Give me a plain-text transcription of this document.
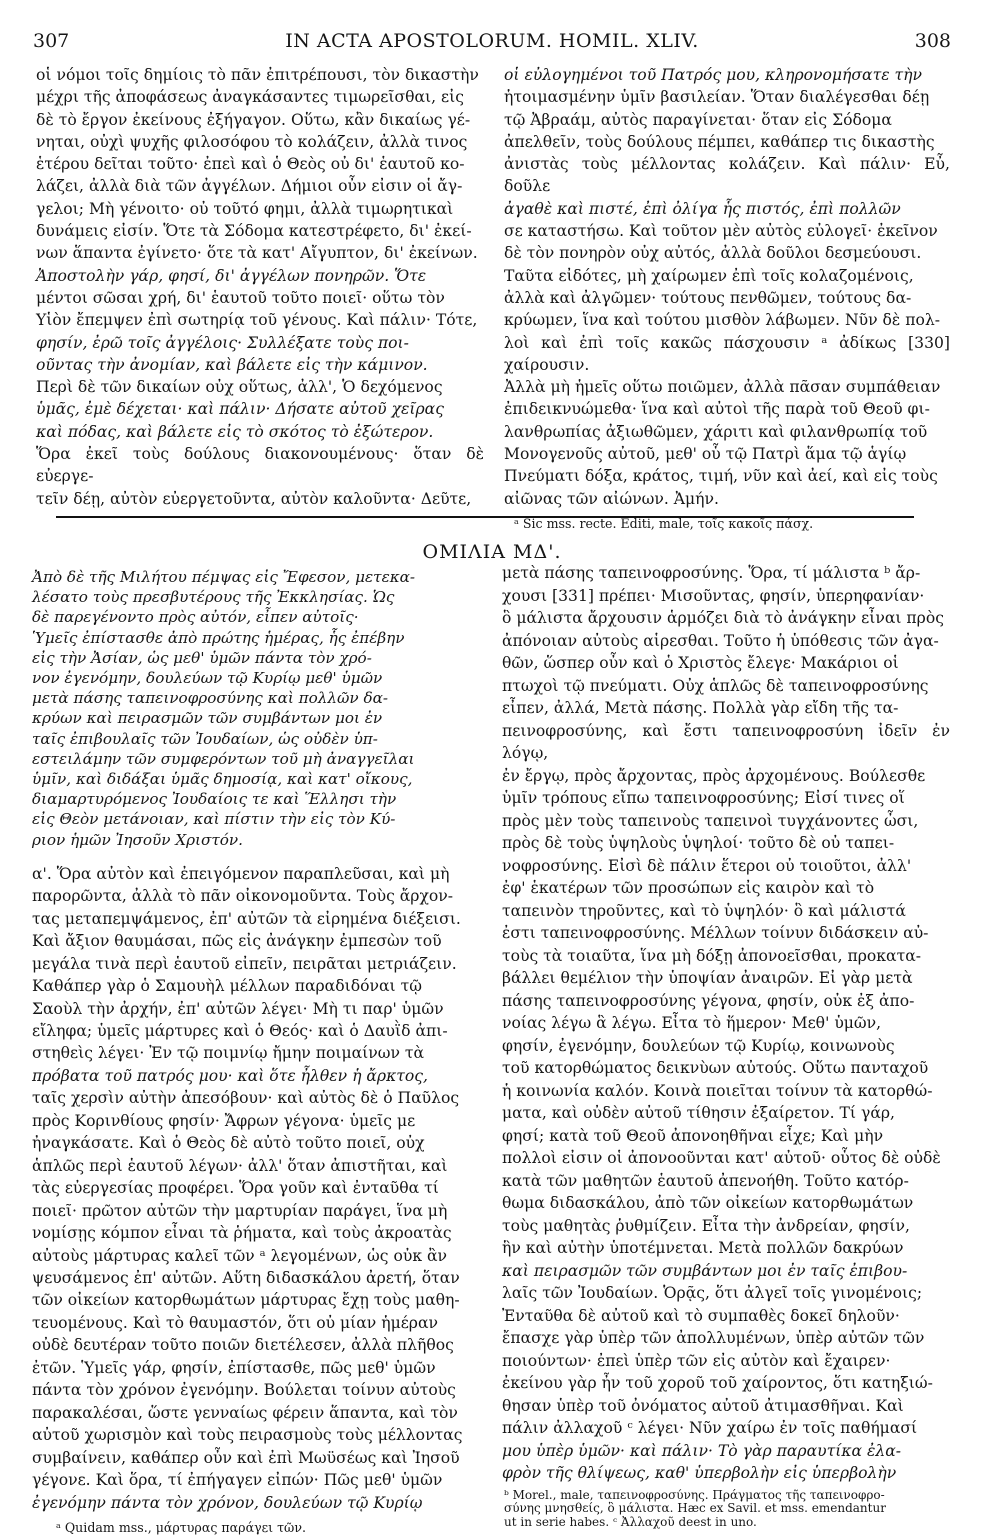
307	IN ACTA APOSTOLORUM. HOMIL. XLIV.	308

οἱ νόμοι τοῖς δημίοις τὸ πᾶν ἐπιτρέπουσι, τὸν δικαστὴν
μέχρι τῆς ἀποφάσεως ἀναγκάσαντες τιμωρεῖσθαι, εἰς
δὲ τὸ ἔργον ἐκείνους ἐξήγαγον. Οὕτω, κἂν δικαίως γέ-
νηται, οὐχὶ ψυχῆς φιλοσόφου τὸ κολάζειν, ἀλλὰ τινος
ἑτέρου δεῖται τοῦτο· ἐπεὶ καὶ ὁ Θεὸς οὐ δι' ἑαυτοῦ κο-
λάζει, ἀλλὰ διὰ τῶν ἀγγέλων. Δήμιοι οὖν εἰσιν οἱ ἄγ-
γελοι; Μὴ γένοιτο· οὐ τοῦτό φημι, ἀλλὰ τιμωρητικαὶ
δυνάμεις εἰσίν. Ὅτε τὰ Σόδομα κατεστρέφετο, δι' ἐκεί-
νων ἅπαντα ἐγίνετο· ὅτε τὰ κατ' Αἴγυπτον, δι' ἐκείνων.
Ἀποστολὴν γάρ, φησί, δι' ἀγγέλων πονηρῶν. Ὅτε
μέντοι σῶσαι χρή, δι' ἑαυτοῦ τοῦτο ποιεῖ· οὕτω τὸν
Υἱὸν ἔπεμψεν ἐπὶ σωτηρίᾳ τοῦ γένους. Καὶ πάλιν· Τότε,
φησίν, ἐρῶ τοῖς ἀγγέλοις· Συλλέξατε τοὺς ποι-
οῦντας τὴν ἀνομίαν, καὶ βάλετε εἰς τὴν κάμινον.
Περὶ δὲ τῶν δικαίων οὐχ οὕτως, ἀλλ', Ὁ δεχόμενος
ὑμᾶς, ἐμὲ δέχεται· καὶ πάλιν· Δήσατε αὐτοῦ χεῖρας
καὶ πόδας, καὶ βάλετε εἰς τὸ σκότος τὸ ἐξώτερον.
Ὅρα ἐκεῖ τοὺς δούλους διακονουμένους· ὅταν δὲ εὐεργε-
τεῖν δέῃ, αὐτὸν εὐεργετοῦντα, αὐτὸν καλοῦντα· Δεῦτε,

οἱ εὐλογημένοι τοῦ Πατρός μου, κληρονομήσατε τὴν
ἡτοιμασμένην ὑμῖν βασιλείαν. Ὅταν διαλέγεσθαι δέῃ
τῷ Ἀβραάμ, αὐτὸς παραγίνεται· ὅταν εἰς Σόδομα
ἀπελθεῖν, τοὺς δούλους πέμπει, καθάπερ τις δικαστὴς
ἀνιστὰς τοὺς μέλλοντας κολάζειν. Καὶ πάλιν· Εὖ, δοῦλε
ἀγαθὲ καὶ πιστέ, ἐπὶ ὀλίγα ἧς πιστός, ἐπὶ πολλῶν
σε καταστήσω. Καὶ τοῦτον μὲν αὐτὸς εὐλογεῖ· ἐκεῖνον
δὲ τὸν πονηρὸν οὐχ αὐτός, ἀλλὰ δοῦλοι δεσμεύουσι.
Ταῦτα εἰδότες, μὴ χαίρωμεν ἐπὶ τοῖς κολαζομένοις,
ἀλλὰ καὶ ἀλγῶμεν· τούτους πενθῶμεν, τούτους δα-
κρύωμεν, ἵνα καὶ τούτου μισθὸν λάβωμεν. Νῦν δὲ πολ-
λοὶ καὶ ἐπὶ τοῖς κακῶς πάσχουσιν ᵃ ἀδίκως [330] χαίρουσιν.
Ἀλλὰ μὴ ἡμεῖς οὕτω ποιῶμεν, ἀλλὰ πᾶσαν συμπάθειαν
ἐπιδεικνυώμεθα· ἵνα καὶ αὐτοὶ τῆς παρὰ τοῦ Θεοῦ φι-
λανθρωπίας ἀξιωθῶμεν, χάριτι καὶ φιλανθρωπίᾳ τοῦ
Μονογενοῦς αὐτοῦ, μεθ' οὗ τῷ Πατρὶ ἅμα τῷ ἁγίῳ
Πνεύματι δόξα, κράτος, τιμή, νῦν καὶ ἀεί, καὶ εἰς τοὺς
αἰῶνας τῶν αἰώνων. Ἀμήν.

ᵃ Sic mss. recte. Editi, male, τοῖς κακοῖς πάσχ.
ΟΜΙΛΙΑ ΜΔ'.

Ἀπὸ δὲ τῆς Μιλήτου πέμψας εἰς Ἔφεσον, μετεκα-
λέσατο τοὺς πρεσβυτέρους τῆς Ἐκκλησίας. Ὡς
δὲ παρεγένοντο πρὸς αὐτόν, εἶπεν αὐτοῖς·
Ὑμεῖς ἐπίστασθε ἀπὸ πρώτης ἡμέρας, ἧς ἐπέβην
εἰς τὴν Ἀσίαν, ὡς μεθ' ὑμῶν πάντα τὸν χρό-
νον ἐγενόμην, δουλεύων τῷ Κυρίῳ μεθ' ὑμῶν
μετὰ πάσης ταπεινοφροσύνης καὶ πολλῶν δα-
κρύων καὶ πειρασμῶν τῶν συμβάντων μοι ἐν
ταῖς ἐπιβουλαῖς τῶν Ἰουδαίων, ὡς οὐδὲν ὑπ-
εστειλάμην τῶν συμφερόντων τοῦ μὴ ἀναγγεῖλαι
ὑμῖν, καὶ διδάξαι ὑμᾶς δημοσίᾳ, καὶ κατ' οἴκους,
διαμαρτυρόμενος Ἰουδαίοις τε καὶ Ἕλλησι τὴν
εἰς Θεὸν μετάνοιαν, καὶ πίστιν τὴν εἰς τὸν Κύ-
ριον ἡμῶν Ἰησοῦν Χριστόν.

α'. Ὅρα αὐτὸν καὶ ἐπειγόμενον παραπλεῦσαι, καὶ μὴ
παρορῶντα, ἀλλὰ τὸ πᾶν οἰκονομοῦντα. Τοὺς ἄρχον-
τας μεταπεμψάμενος, ἐπ' αὐτῶν τὰ εἰρημένα διέξεισι.
Καὶ ἄξιον θαυμάσαι, πῶς εἰς ἀνάγκην ἐμπεσὼν τοῦ
μεγάλα τινὰ περὶ ἑαυτοῦ εἰπεῖν, πειρᾶται μετριάζειν.
Καθάπερ γὰρ ὁ Σαμουὴλ μέλλων παραδιδόναι τῷ
Σαοὺλ τὴν ἀρχήν, ἐπ' αὐτῶν λέγει· Μὴ τι παρ' ὑμῶν
εἴληφα; ὑμεῖς μάρτυρες καὶ ὁ Θεός· καὶ ὁ Δαυῒδ ἀπι-
στηθεὶς λέγει· Ἐν τῷ ποιμνίῳ ἤμην ποιμαίνων τὰ
πρόβατα τοῦ πατρός μου· καὶ ὅτε ἦλθεν ἡ ἄρκτος,
ταῖς χερσὶν αὐτὴν ἀπεσόβουν· καὶ αὐτὸς δὲ ὁ Παῦλος
πρὸς Κορινθίους φησίν· Ἄφρων γέγονα· ὑμεῖς με
ἠναγκάσατε. Καὶ ὁ Θεὸς δὲ αὐτὸ τοῦτο ποιεῖ, οὐχ
ἁπλῶς περὶ ἑαυτοῦ λέγων· ἀλλ' ὅταν ἀπιστῆται, καὶ
τὰς εὐεργεσίας προφέρει. Ὅρα γοῦν καὶ ἐνταῦθα τί
ποιεῖ· πρῶτον αὐτῶν τὴν μαρτυρίαν παράγει, ἵνα μὴ
νομίσῃς κόμπον εἶναι τὰ ῥήματα, καὶ τοὺς ἀκροατὰς
αὐτοὺς μάρτυρας καλεῖ τῶν ᵃ λεγομένων, ὡς οὐκ ἂν
ψευσάμενος ἐπ' αὐτῶν. Αὕτη διδασκάλου ἀρετή, ὅταν
τῶν οἰκείων κατορθωμάτων μάρτυρας ἔχῃ τοὺς μαθη-
τευομένους. Καὶ τὸ θαυμαστόν, ὅτι οὐ μίαν ἡμέραν
οὐδὲ δευτέραν τοῦτο ποιῶν διετέλεσεν, ἀλλὰ πλῆθος
ἐτῶν. Ὑμεῖς γάρ, φησίν, ἐπίστασθε, πῶς μεθ' ὑμῶν
πάντα τὸν χρόνον ἐγενόμην. Βούλεται τοίνυν αὐτοὺς
παρακαλέσαι, ὥστε γενναίως φέρειν ἅπαντα, καὶ τὸν
αὐτοῦ χωρισμὸν καὶ τοὺς πειρασμοὺς τοὺς μέλλοντας
συμβαίνειν, καθάπερ οὖν καὶ ἐπὶ Μωϋσέως καὶ Ἰησοῦ
γέγονε. Καὶ ὅρα, τί ἐπήγαγεν εἰπών· Πῶς μεθ' ὑμῶν
ἐγενόμην πάντα τὸν χρόνον, δουλεύων τῷ Κυρίῳ

ᵃ Quidam mss., μάρτυρας παράγει τῶν.

μετὰ πάσης ταπεινοφροσύνης. Ὅρα, τί μάλιστα ᵇ ἄρ-
χουσι [331] πρέπει· Μισοῦντας, φησίν, ὑπερηφανίαν·
ὃ μάλιστα ἄρχουσιν ἁρμόζει διὰ τὸ ἀνάγκην εἶναι πρὸς
ἀπόνοιαν αὐτοὺς αἱρεσθαι. Τοῦτο ἡ ὑπόθεσις τῶν ἀγα-
θῶν, ὥσπερ οὖν καὶ ὁ Χριστὸς ἔλεγε· Μακάριοι οἱ
πτωχοὶ τῷ πνεύματι. Οὐχ ἁπλῶς δὲ ταπεινοφροσύνης
εἶπεν, ἀλλά, Μετὰ πάσης. Πολλὰ γὰρ εἴδη τῆς τα-
πεινοφροσύνης, καὶ ἔστι ταπεινοφροσύνη ἰδεῖν ἐν λόγῳ,
ἐν ἔργῳ, πρὸς ἄρχοντας, πρὸς ἀρχομένους. Βούλεσθε
ὑμῖν τρόπους εἴπω ταπεινοφροσύνης; Εἰσί τινες οἵ
πρὸς μὲν τοὺς ταπεινοὺς ταπεινοὶ τυγχάνοντες ὦσι,
πρὸς δὲ τοὺς ὑψηλοὺς ὑψηλοί· τοῦτο δὲ οὐ ταπει-
νοφροσύνης. Εἰσὶ δὲ πάλιν ἕτεροι οὐ τοιοῦτοι, ἀλλ'
ἐφ' ἑκατέρων τῶν προσώπων εἰς καιρὸν καὶ τὸ
ταπεινὸν τηροῦντες, καὶ τὸ ὑψηλόν· ὃ καὶ μάλιστά
ἐστι ταπεινοφροσύνης. Μέλλων τοίνυν διδάσκειν αὐ-
τοὺς τὰ τοιαῦτα, ἵνα μὴ δόξῃ ἀπονοεῖσθαι, προκατα-
βάλλει θεμέλιον τὴν ὑποψίαν ἀναιρῶν. Εἰ γὰρ μετὰ
πάσης ταπεινοφροσύνης γέγονα, φησίν, οὐκ ἐξ ἀπο-
νοίας λέγω ἃ λέγω. Εἶτα τὸ ἥμερον· Μεθ' ὑμῶν,
φησίν, ἐγενόμην, δουλεύων τῷ Κυρίῳ, κοινωνοὺς
τοῦ κατορθώματος δεικνὺων αὐτούς. Οὕτω πανταχοῦ
ἡ κοινωνία καλόν. Κοινὰ ποιεῖται τοίνυν τὰ κατορθώ-
ματα, καὶ οὐδὲν αὐτοῦ τίθησιν ἐξαίρετον. Τί γάρ,
φησί; κατὰ τοῦ Θεοῦ ἀπονοηθῆναι εἶχε; Καὶ μὴν
πολλοὶ εἰσιν οἱ ἀπονοοῦνται κατ' αὐτοῦ· οὗτος δὲ οὐδὲ
κατὰ τῶν μαθητῶν ἑαυτοῦ ἀπενοήθη. Τοῦτο κατόρ-
θωμα διδασκάλου, ἀπὸ τῶν οἰκείων κατορθωμάτων
τοὺς μαθητὰς ῥυθμίζειν. Εἶτα τὴν ἀνδρείαν, φησίν,
ἣν καὶ αὐτὴν ὑποτέμνεται. Μετὰ πολλῶν δακρύων
καὶ πειρασμῶν τῶν συμβάντων μοι ἐν ταῖς ἐπιβου-
λαῖς τῶν Ἰουδαίων. Ὁρᾷς, ὅτι ἀλγεῖ τοῖς γινομένοις;
Ἐνταῦθα δὲ αὐτοῦ καὶ τὸ συμπαθὲς δοκεῖ δηλοῦν·
ἔπασχε γὰρ ὑπὲρ τῶν ἀπολλυμένων, ὑπὲρ αὐτῶν τῶν
ποιούντων· ἐπεὶ ὑπὲρ τῶν εἰς αὐτὸν καὶ ἔχαιρεν·
ἐκείνου γὰρ ἦν τοῦ χοροῦ τοῦ χαίροντος, ὅτι κατηξιώ-
θησαν ὑπὲρ τοῦ ὀνόματος αὐτοῦ ἀτιμασθῆναι. Καὶ
πάλιν ἀλλαχοῦ ᶜ λέγει· Νῦν χαίρω ἐν τοῖς παθήμασί
μου ὑπὲρ ὑμῶν· καὶ πάλιν· Τὸ γὰρ παραυτίκα ἐλα-
φρὸν τῆς θλίψεως, καθ' ὑπερβολὴν εἰς ὑπερβολὴν

ᵇ Morel., male, ταπεινοφροσύνης. Πράγματος τῆς ταπεινοφρο-
σύνης μνησθείς, ὃ μάλιστα. Hæc ex Savil. et mss. emendantur
ut in serie habes. ᶜ Ἀλλαχοῦ deest in uno.
